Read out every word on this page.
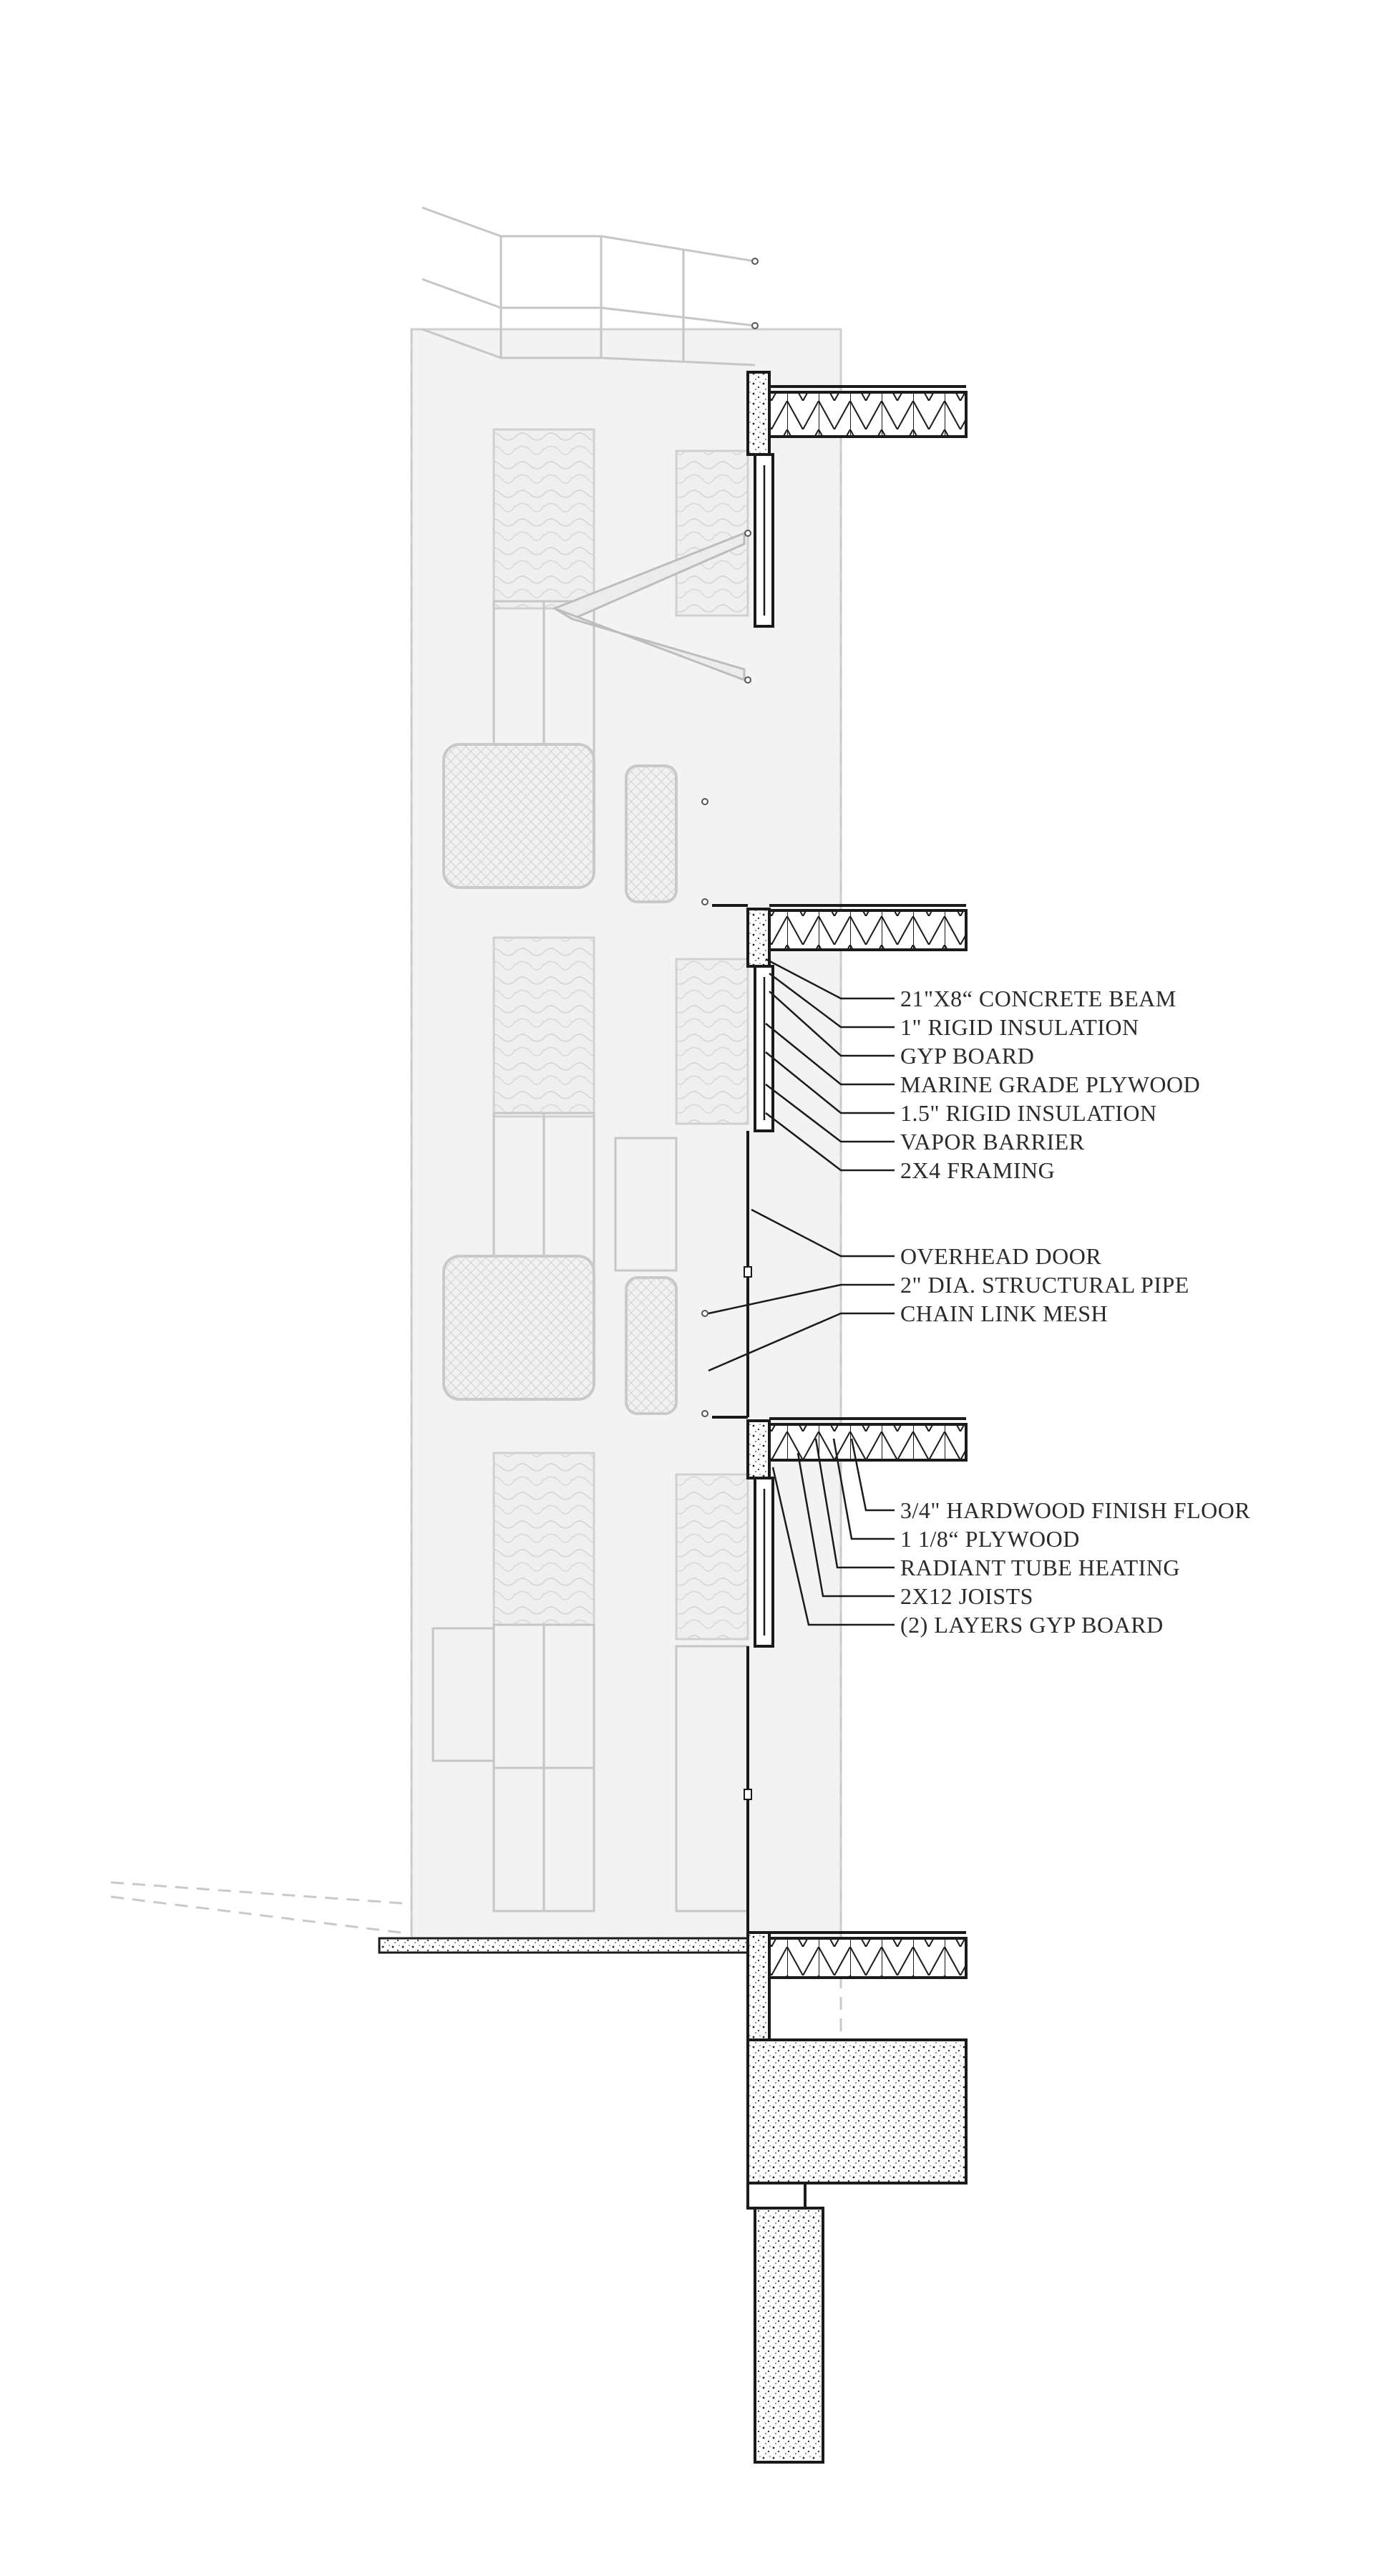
21"X8“ CONCRETE BEAM
1" RIGID INSULATION
GYP BOARD
MARINE GRADE PLYWOOD
1.5" RIGID INSULATION
VAPOR BARRIER
2X4 FRAMING
OVERHEAD DOOR
2" DIA. STRUCTURAL PIPE
CHAIN LINK MESH
3/4" HARDWOOD FINISH FLOOR
1 1/8“ PLYWOOD
RADIANT TUBE HEATING
2X12 JOISTS
(2) LAYERS GYP BOARD
